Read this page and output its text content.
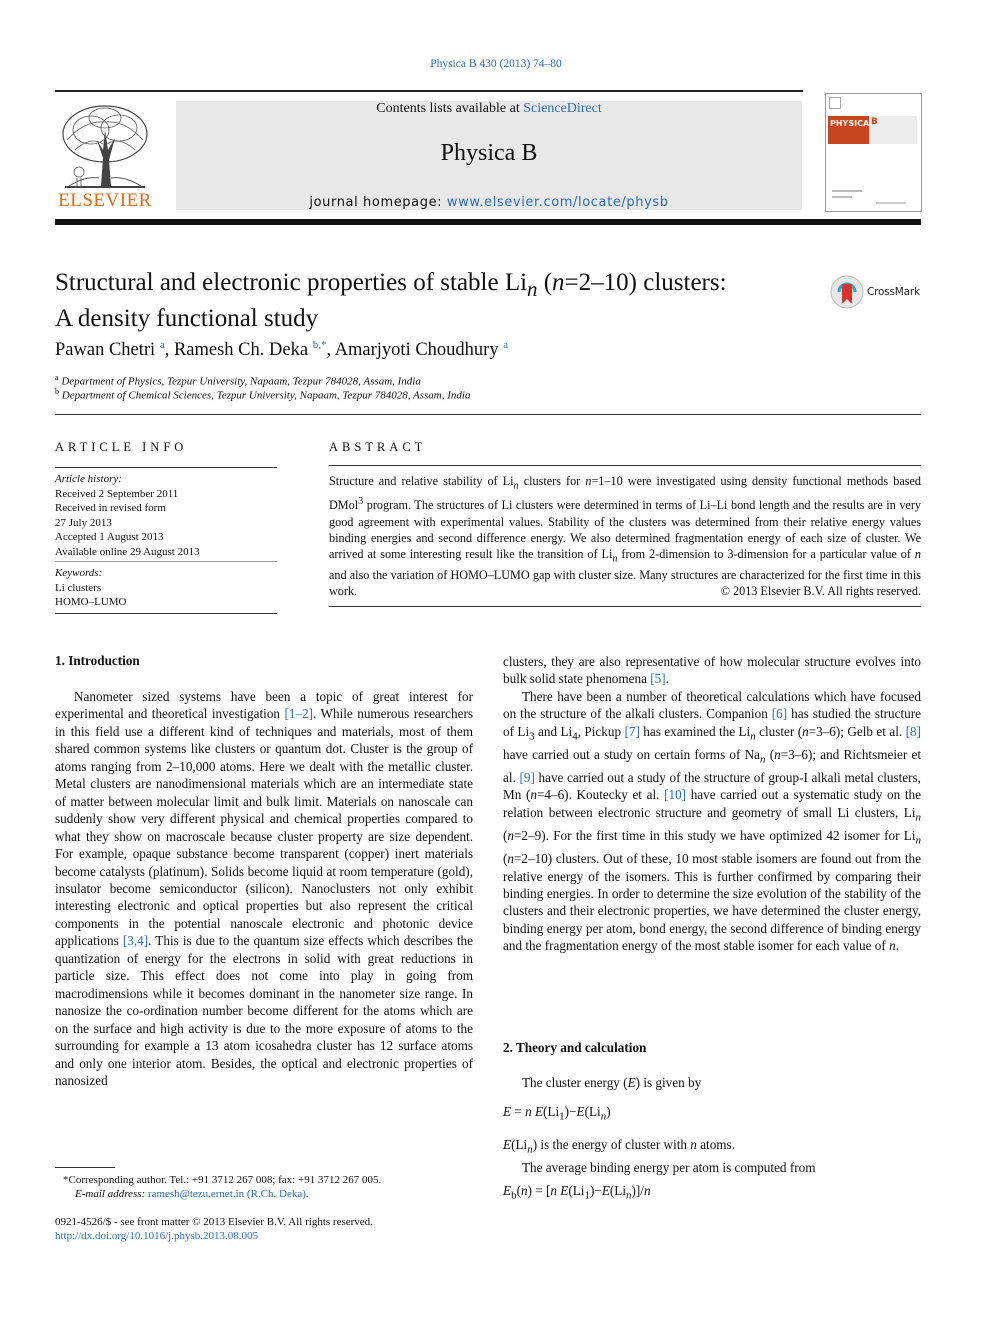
Physica B 430 (2013) 74–80
ELSEVIER
Contents lists available at ScienceDirect
Physica B
journal homepage: www.elsevier.com/locate/physb
PHYSICA B
Structural and electronic properties of stable $Li_n$ (n=2–10) clusters:
A density functional study
CrossMark
Pawan Chetri $^a$, Ramesh Ch. Deka $^{b,*}$, Amarjyoti Choudhury $^a$
$^a$ Department of Physics, Tezpur University, Napaam, Tezpur 784028, Assam, India
$^b$ Department of Chemical Sciences, Tezpur University, Napaam, Tezpur 784028, Assam, India
ARTICLE INFO
Article history:
Received 2 September 2011
Received in revised form
27 July 2013
Accepted 1 August 2013
Available online 29 August 2013
Keywords:
Li clusters
HOMO–LUMO
ABSTRACT
Structure and relative stability of $Li_n$ clusters for n=1–10 were investigated using density functional methods based DMol$^3$ program. The structures of Li clusters were determined in terms of Li–Li bond length and the results are in very good agreement with experimental values. Stability of the clusters was determined from their relative energy values binding energies and second difference energy. We also determined fragmentation energy of each size of cluster. We arrived at some interesting result like the transition of $Li_n$ from 2-dimension to 3-dimension for a particular value of n and also the variation of HOMO–LUMO gap with cluster size. Many structures are characterized for the first time in this work.	© 2013 Elsevier B.V. All rights reserved.
1. Introduction

Nanometer sized systems have been a topic of great interest for experimental and theoretical investigation [1–2]. While numerous researchers in this field use a different kind of techniques and materials, most of them shared common systems like clusters or quantum dot. Cluster is the group of atoms ranging from 2–10,000 atoms. Here we dealt with the metallic cluster. Metal clusters are nanodimensional materials which are an intermediate state of matter between molecular limit and bulk limit. Materials on nanoscale can suddenly show very different physical and chemical properties compared to what they show on macroscale because cluster property are size dependent. For example, opaque substance become transparent (copper) inert materials become catalysts (platinum). Solids become liquid at room temperature (gold), insulator become semiconductor (silicon). Nanoclusters not only exhibit interesting electronic and optical properties but also represent the critical components in the potential nanoscale electronic and photonic device applications [3,4]. This is due to the quantum size effects which describes the quantization of energy for the electrons in solid with great reductions in particle size. This effect does not come into play in going from macrodimensions while it becomes dominant in the nanometer size range. In nanosize the co-ordination number become different for the atoms which are on the surface and high activity is due to the more exposure of atoms to the surrounding for example a 13 atom icosahedra cluster has 12 surface atoms and only one interior atom. Besides, the optical and electronic properties of nanosized

clusters, they are also representative of how molecular structure evolves into bulk solid state phenomena [5].

There have been a number of theoretical calculations which have focused on the structure of the alkali clusters. Companion [6] has studied the structure of $Li_3$ and $Li_4$, Pickup [7] has examined the $Li_n$ cluster (n=3–6); Gelb et al. [8] have carried out a study on certain forms of $Na_n$ (n=3–6); and Richtsmeier et al. [9] have carried out a study of the structure of group-I alkali metal clusters, Mn (n=4–6). Koutecky et al. [10] have carried out a systematic study on the relation between electronic structure and geometry of small Li clusters, $Li_n$ (n=2–9). For the first time in this study we have optimized 42 isomer for $Li_n$ (n=2–10) clusters. Out of these, 10 most stable isomers are found out from the relative energy of the isomers. This is further confirmed by comparing their binding energies. In order to determine the size evolution of the stability of the clusters and their electronic properties, we have determined the cluster energy, binding energy per atom, bond energy, the second difference of binding energy and the fragmentation energy of the most stable isomer for each value of n.

2. Theory and calculation

The cluster energy (E) is given by

E = n $E(Li_1)-E(Li_n)$
$E(Li_n)$ is the energy of cluster with n atoms.
The average binding energy per atom is computed from
$E_b(n) = [n$ $E(Li_1)-E(Li_n)]/n$
*Corresponding author. Tel.: +91 3712 267 008; fax: +91 3712 267 005.
E-mail address: ramesh@tezu.ernet.in (R.Ch. Deka).
0921-4526/$ - see front matter © 2013 Elsevier B.V. All rights reserved.
http://dx.doi.org/10.1016/j.physb.2013.08.005
